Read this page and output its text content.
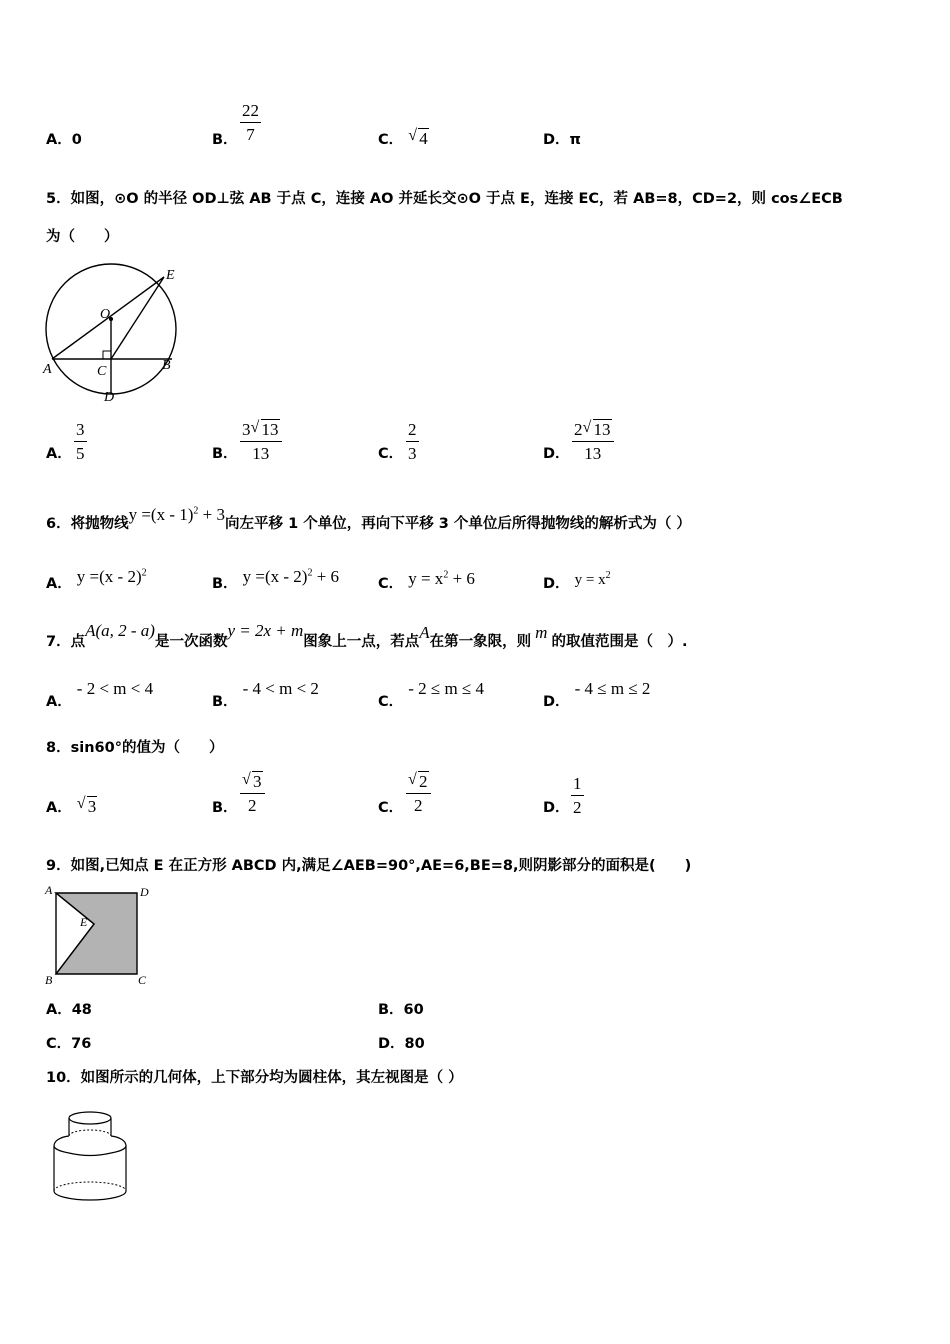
A．0	B． $\frac{22}{7}$	C． √ 4	D．π
5．如图，⊙O 的半径 OD⊥弦 AB 于点 C，连接 AO 并延长交⊙O 于点 E，连接 EC，若 AB=8，CD=2，则 cos∠ECB
为（　　）
O
E
A	C	B
D
A． $\frac{3}{5}$	B． $\frac{3 √ 13}{13}$	C． $\frac{2}{3}$	D． $\frac{2 √ 13}{13}$
6．将抛物线y =(x - 1)$^2$ + 3向左平移 1 个单位，再向下平移 3 个单位后所得抛物线的解析式为（ ）
A． y =(x - 2)$^2$
B． y =(x - 2)$^2$ + 6	C． $y = x^2 + 6$	D． $y = x^2$
7．点A(a, 2 - a)是一次函数y = 2x + m图象上一点，若点A在第一象限，则 m 的取值范围是（　）.
A． - 2 < m < 4
B． - 4 < m < 2
C． - 2 ≤ m ≤ 4
D． - 4 ≤ m ≤ 2
8．sin60°的值为（　　）
A． √ 3	B． $\frac{√ 3}{2}$	C． $\frac{√ 2}{2}$	D． $\frac{1}{2}$
9．如图,已知点 E 在正方形 ABCD 内,满足∠AEB=90°,AE=6,BE=8,则阴影部分的面积是(　　)
A	D
E
B	C
A．48	B．60
C．76	D．80
10．如图所示的几何体，上下部分均为圆柱体，其左视图是（ ）
